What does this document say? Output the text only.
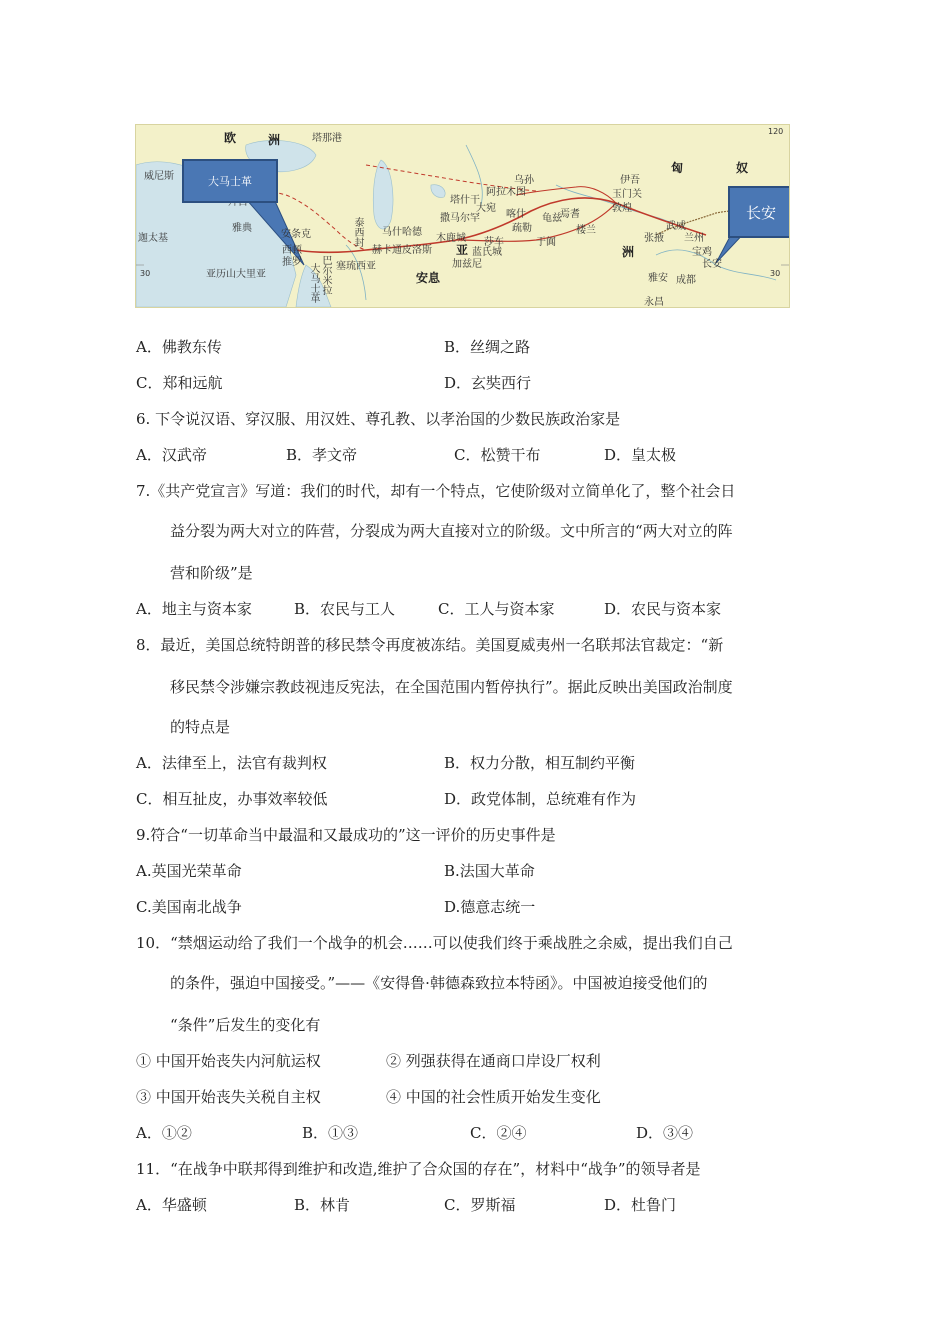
欧	洲
亚	洲
匈	奴
安息
威尼斯
塔那港
迦太基
雅典
安条克
西顿
推罗 巴尔米拉
大马士革
亚历山大里亚
泰西封
赫卡通皮洛斯
马什哈德
木鹿城
塞琉西亚
撒马尔罕
大宛
乌孙
阿拉木图
塔什干
喀什
疏勒
莎车	于阗
龟兹
焉耆
楼兰
敦煌
玉门关
伊吾
张掖
武威
兰州
宝鸡
长安
成都
雅安
永昌
加兹尼
蓝氏城
120
30	30
大马士革
长安
A．佛教东传	B．丝绸之路
C．郑和远航	D．玄奘西行
6. 下令说汉语、穿汉服、用汉姓、尊孔教、以孝治国的少数民族政治家是
A．汉武帝	B．孝文帝	C．松赞干布	D．皇太极
7.《共产党宣言》写道：我们的时代，却有一个特点，它使阶级对立简单化了，整个社会日
益分裂为两大对立的阵营，分裂成为两大直接对立的阶级。文中所言的“两大对立的阵
营和阶级”是
A．地主与资本家	B．农民与工人	C．工人与资本家	D．农民与资本家
8．最近，美国总统特朗普的移民禁令再度被冻结。美国夏威夷州一名联邦法官裁定：“新
移民禁令涉嫌宗教歧视违反宪法，在全国范围内暂停执行”。据此反映出美国政治制度
的特点是
A．法律至上，法官有裁判权	B．权力分散，相互制约平衡
C．相互扯皮，办事效率较低	D．政党体制，总统难有作为
9.符合“一切革命当中最温和又最成功的”这一评价的历史事件是
A.英国光荣革命	B.法国大革命
C.美国南北战争	D.德意志统一
10．“禁烟运动给了我们一个战争的机会……可以使我们终于乘战胜之余威，提出我们自己
的条件，强迫中国接受。”——《安得鲁·韩德森致拉本特函》。中国被迫接受他们的
“条件”后发生的变化有
① 中国开始丧失内河航运权	② 列强获得在通商口岸设厂权利
③ 中国开始丧失关税自主权	④ 中国的社会性质开始发生变化
A．①②	B．①③	C．②④	D．③④
11．“在战争中联邦得到维护和改造,维护了合众国的存在”，材料中“战争”的领导者是
A．华盛顿	B．林肯	C．罗斯福	D．杜鲁门
